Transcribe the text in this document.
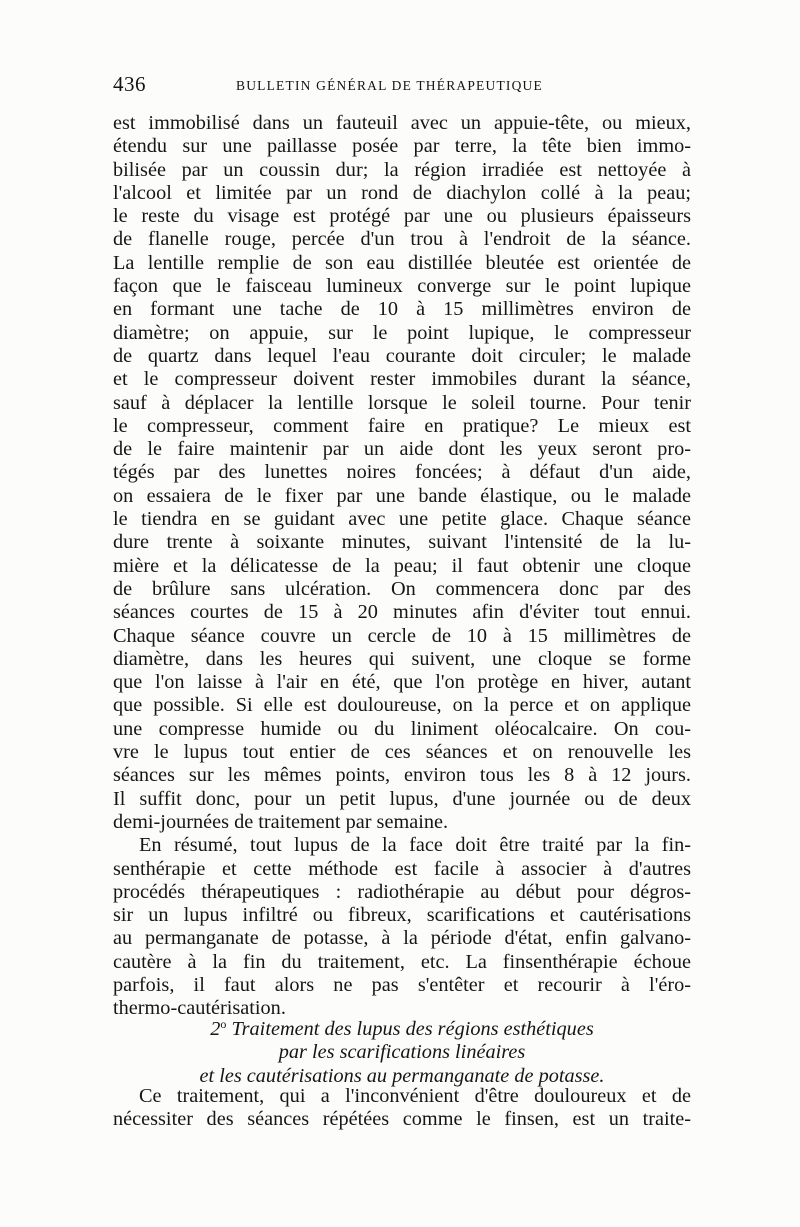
436	BULLETIN GÉNÉRAL DE THÉRAPEUTIQUE
est immobilisé dans un fauteuil avec un appuie-tête, ou mieux,
étendu sur une paillasse posée par terre, la tête bien immo-
bilisée par un coussin dur; la région irradiée est nettoyée à
l'alcool et limitée par un rond de diachylon collé à la peau;
le reste du visage est protégé par une ou plusieurs épaisseurs
de flanelle rouge, percée d'un trou à l'endroit de la séance.
La lentille remplie de son eau distillée bleutée est orientée de
façon que le faisceau lumineux converge sur le point lupique
en formant une tache de 10 à 15 millimètres environ de
diamètre; on appuie, sur le point lupique, le compresseur
de quartz dans lequel l'eau courante doit circuler; le malade
et le compresseur doivent rester immobiles durant la séance,
sauf à déplacer la lentille lorsque le soleil tourne. Pour tenir
le compresseur, comment faire en pratique? Le mieux est
de le faire maintenir par un aide dont les yeux seront pro-
tégés par des lunettes noires foncées; à défaut d'un aide,
on essaiera de le fixer par une bande élastique, ou le malade
le tiendra en se guidant avec une petite glace. Chaque séance
dure trente à soixante minutes, suivant l'intensité de la lu-
mière et la délicatesse de la peau; il faut obtenir une cloque
de brûlure sans ulcération. On commencera donc par des
séances courtes de 15 à 20 minutes afin d'éviter tout ennui.
Chaque séance couvre un cercle de 10 à 15 millimètres de
diamètre, dans les heures qui suivent, une cloque se forme
que l'on laisse à l'air en été, que l'on protège en hiver, autant
que possible. Si elle est douloureuse, on la perce et on applique
une compresse humide ou du liniment oléocalcaire. On cou-
vre le lupus tout entier de ces séances et on renouvelle les
séances sur les mêmes points, environ tous les 8 à 12 jours.
Il suffit donc, pour un petit lupus, d'une journée ou de deux
demi-journées de traitement par semaine.
En résumé, tout lupus de la face doit être traité par la fin-
senthérapie et cette méthode est facile à associer à d'autres
procédés thérapeutiques : radiothérapie au début pour dégros-
sir un lupus infiltré ou fibreux, scarifications et cautérisations
au permanganate de potasse, à la période d'état, enfin galvano-
cautère à la fin du traitement, etc. La finsenthérapie échoue
parfois, il faut alors ne pas s'entêter et recourir à l'éro-
thermo-cautérisation.
2$^o$ Traitement des lupus des régions esthétiques
par les scarifications linéaires
et les cautérisations au permanganate de potasse.
Ce traitement, qui a l'inconvénient d'être douloureux et de
nécessiter des séances répétées comme le finsen, est un traite-
